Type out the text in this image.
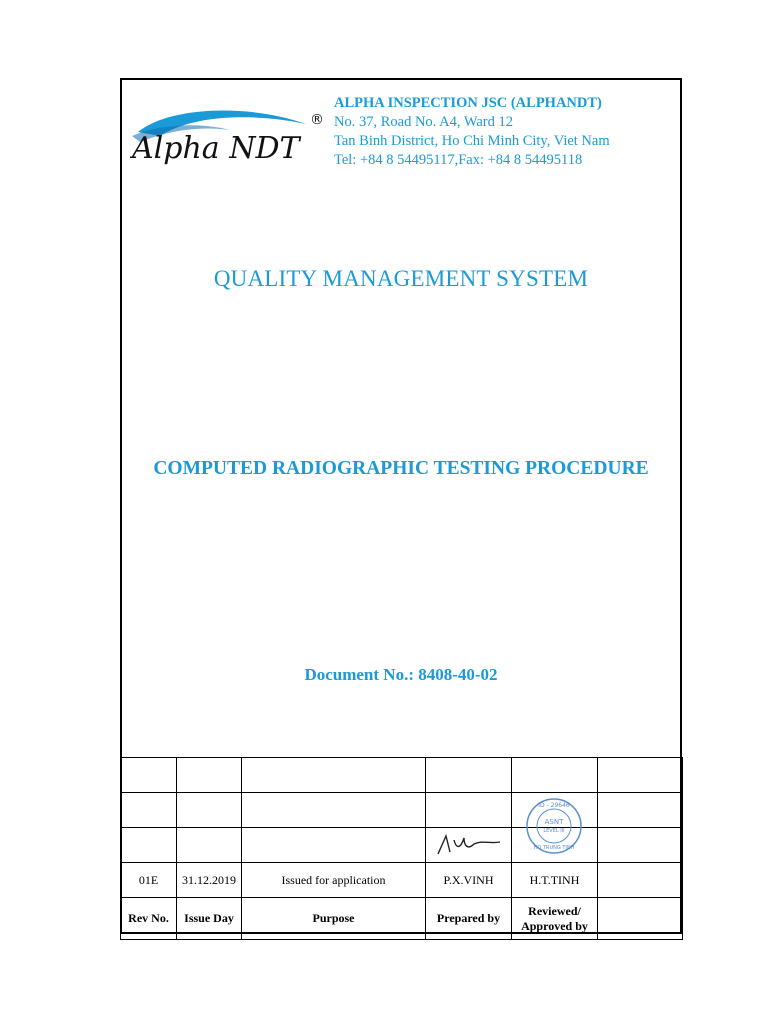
Alpha NDT
®
ALPHA INSPECTION JSC (ALPHANDT)
No. 37, Road No. A4, Ward 12
Tan Binh District, Ho Chi Minh City, Viet Nam
Tel: +84 8 54495117,Fax: +84 8 54495118
QUALITY MANAGEMENT SYSTEM
COMPUTED RADIOGRAPHIC TESTING PROCEDURE
Document No.: 8408-40-02

ID - 29646
ASNT
LEVEL III
HO TRUNG TINH	

01E	31.12.2019	Issued for application	P.X.VINH	H.T.TINH	
Rev No.	Issue Day	Purpose	Prepared by	Reviewed/ Approved by	
